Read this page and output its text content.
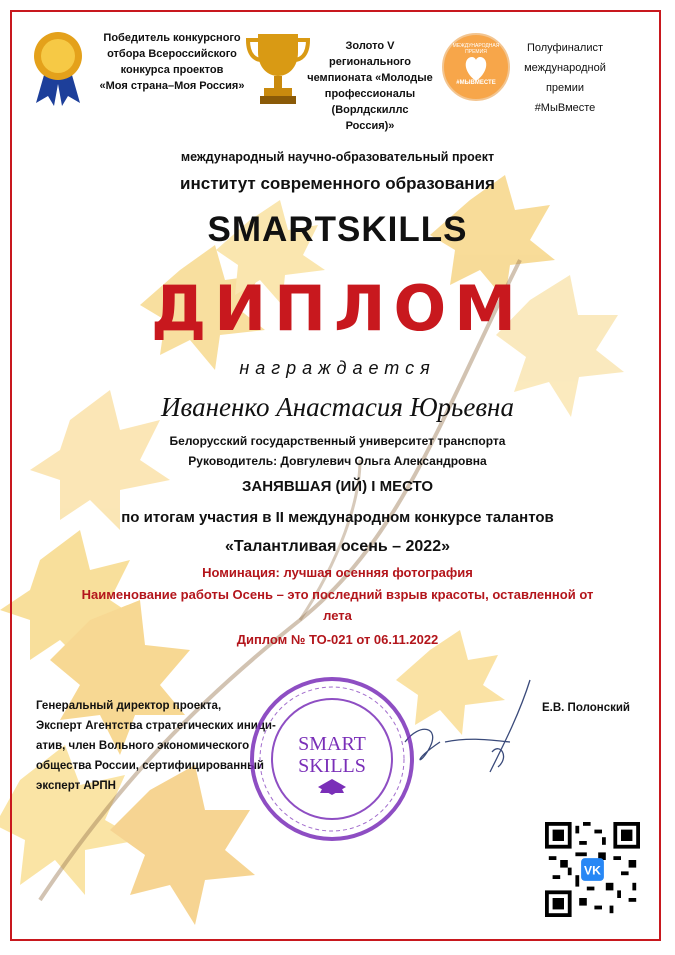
Победитель конкурсного
отбора Всероссийского
конкурса проектов
«Моя страна–Моя Россия»
Золото V регионального
чемпионата «Молодые
профессионалы
(Ворлдскиллс Россия)»
#МЫВМЕСТЕ
МЕЖДУНАРОДНАЯ ПРЕМИЯ	Полуфиналист
международной премии
#МыВместе
международный научно-образовательный проект
институт современного образования
SMARTSKILLS
ДИПЛОМ
награждается
Иваненко Анастасия Юрьевна
Белорусский государственный университет транспорта
Руководитель: Довгулевич Ольга Александровна
ЗАНЯВШАЯ (ИЙ) I МЕСТО
по итогам участия в II международном конкурсе талантов
«Талантливая осень – 2022»
Номинация: лучшая осенняя фотография
Наименование работы Осень – это последний взрыв красоты, оставленной от
лета
Диплом № ТО-021 от 06.11.2022
Генеральный директор проекта,
Эксперт Агентства стратегических иници-
атив, член Вольного экономического
общества России, сертифицированный
эксперт АРПН
Е.В. Полонский
SMART
SKILLS
VK
